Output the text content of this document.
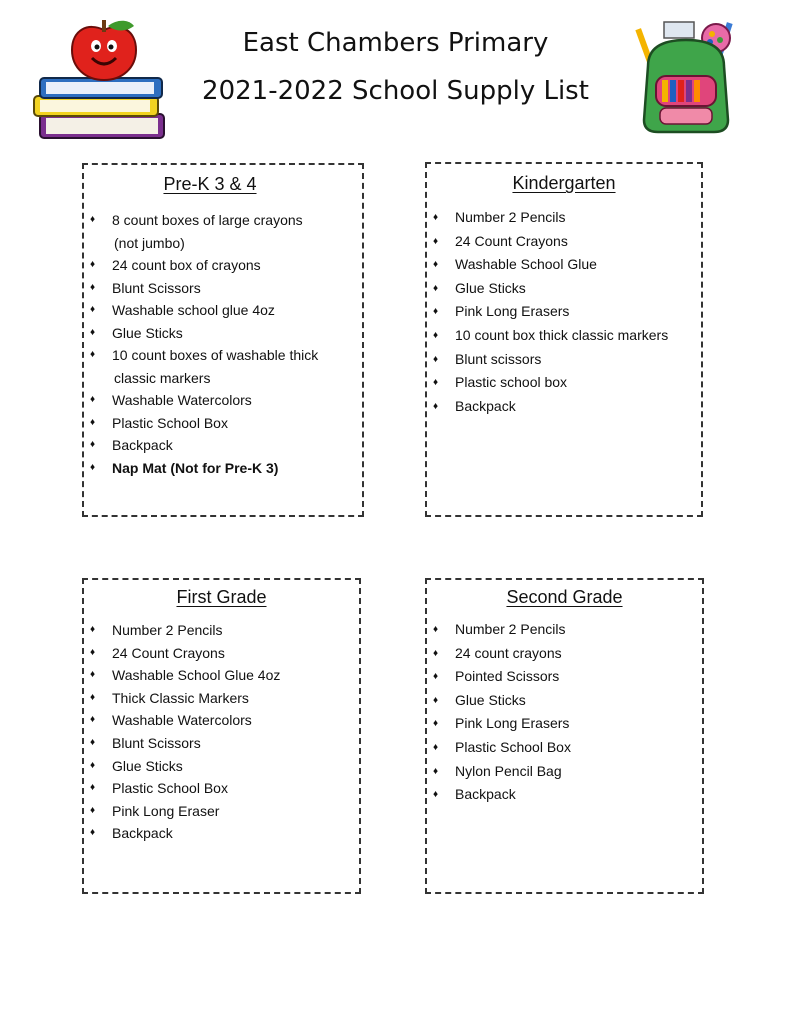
East Chambers Primary
2021-2022 School Supply List
Pre-K 3 & 4
♦ 8 count boxes of large crayons
(not jumbo)
♦ 24 count box of crayons
♦ Blunt Scissors
♦ Washable school glue 4oz
♦ Glue Sticks
♦ 10 count boxes of washable thick
classic markers
♦ Washable Watercolors
♦ Plastic School Box
♦ Backpack
♦ Nap Mat (Not for Pre-K 3)
Kindergarten
♦ Number 2 Pencils
♦ 24 Count Crayons
♦ Washable School Glue
♦ Glue Sticks
♦ Pink Long Erasers
♦ 10 count box thick classic markers
♦ Blunt scissors
♦ Plastic school box
♦ Backpack
First Grade
♦ Number 2 Pencils
♦ 24 Count Crayons
♦ Washable School Glue 4oz
♦ Thick Classic Markers
♦ Washable Watercolors
♦ Blunt Scissors
♦ Glue Sticks
♦ Plastic School Box
♦ Pink Long Eraser
♦ Backpack
Second Grade
♦ Number 2 Pencils
♦ 24 count crayons
♦ Pointed Scissors
♦ Glue Sticks
♦ Pink Long Erasers
♦ Plastic School Box
♦ Nylon Pencil Bag
♦ Backpack
